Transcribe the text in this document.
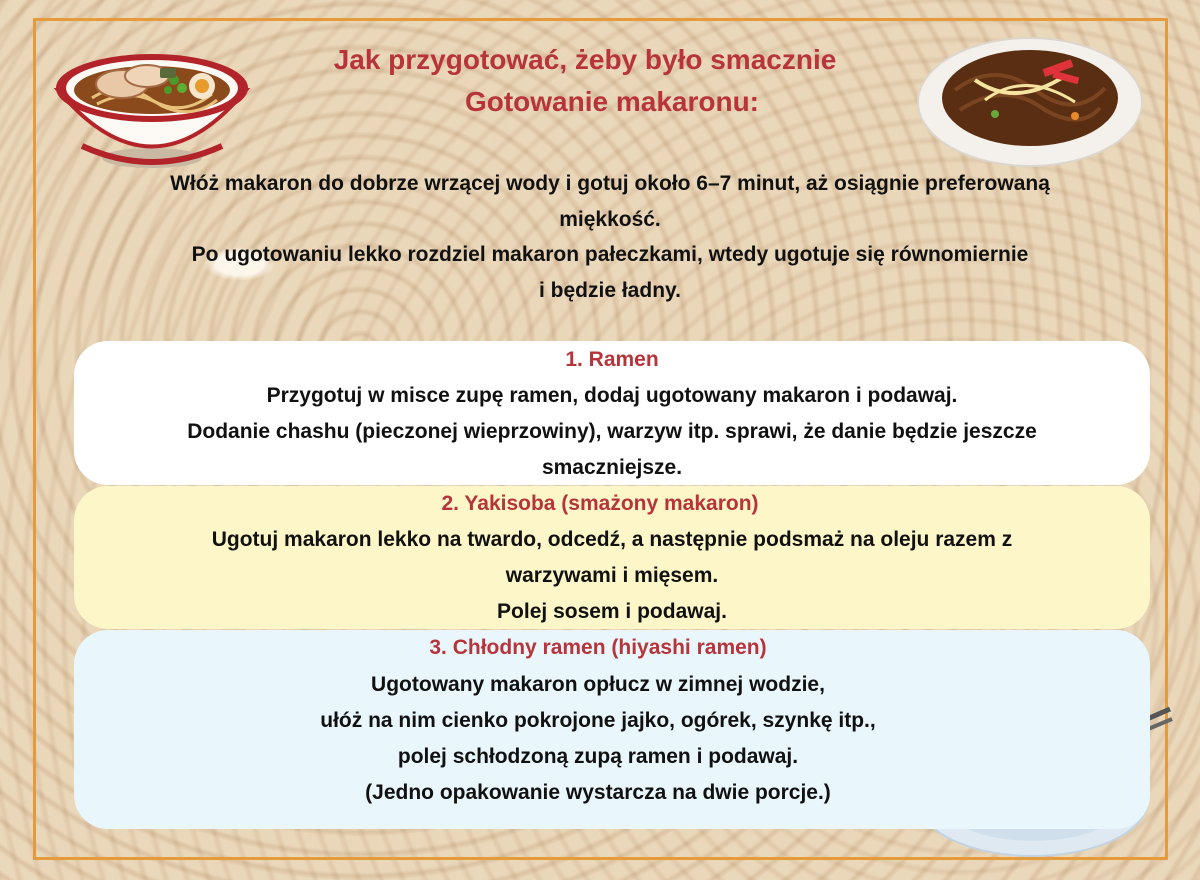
Jak przygotować, żeby było smacznie
Gotowanie makaronu:
Włóż makaron do dobrze wrzącej wody i gotuj około 6–7 minut, aż osiągnie preferowaną
miękkość.
Po ugotowaniu lekko rozdziel makaron pałeczkami, wtedy ugotuje się równomiernie
i będzie ładny.
1. Ramen
Przygotuj w misce zupę ramen, dodaj ugotowany makaron i podawaj.
Dodanie chashu (pieczonej wieprzowiny), warzyw itp. sprawi, że danie będzie jeszcze
smaczniejsze.
2. Yakisoba (smażony makaron)
Ugotuj makaron lekko na twardo, odcedź, a następnie podsmaż na oleju razem z
warzywami i mięsem.
Polej sosem i podawaj.
3. Chłodny ramen (hiyashi ramen)
Ugotowany makaron opłucz w zimnej wodzie,
ułóż na nim cienko pokrojone jajko, ogórek, szynkę itp.,
polej schłodzoną zupą ramen i podawaj.
(Jedno opakowanie wystarcza na dwie porcje.)
